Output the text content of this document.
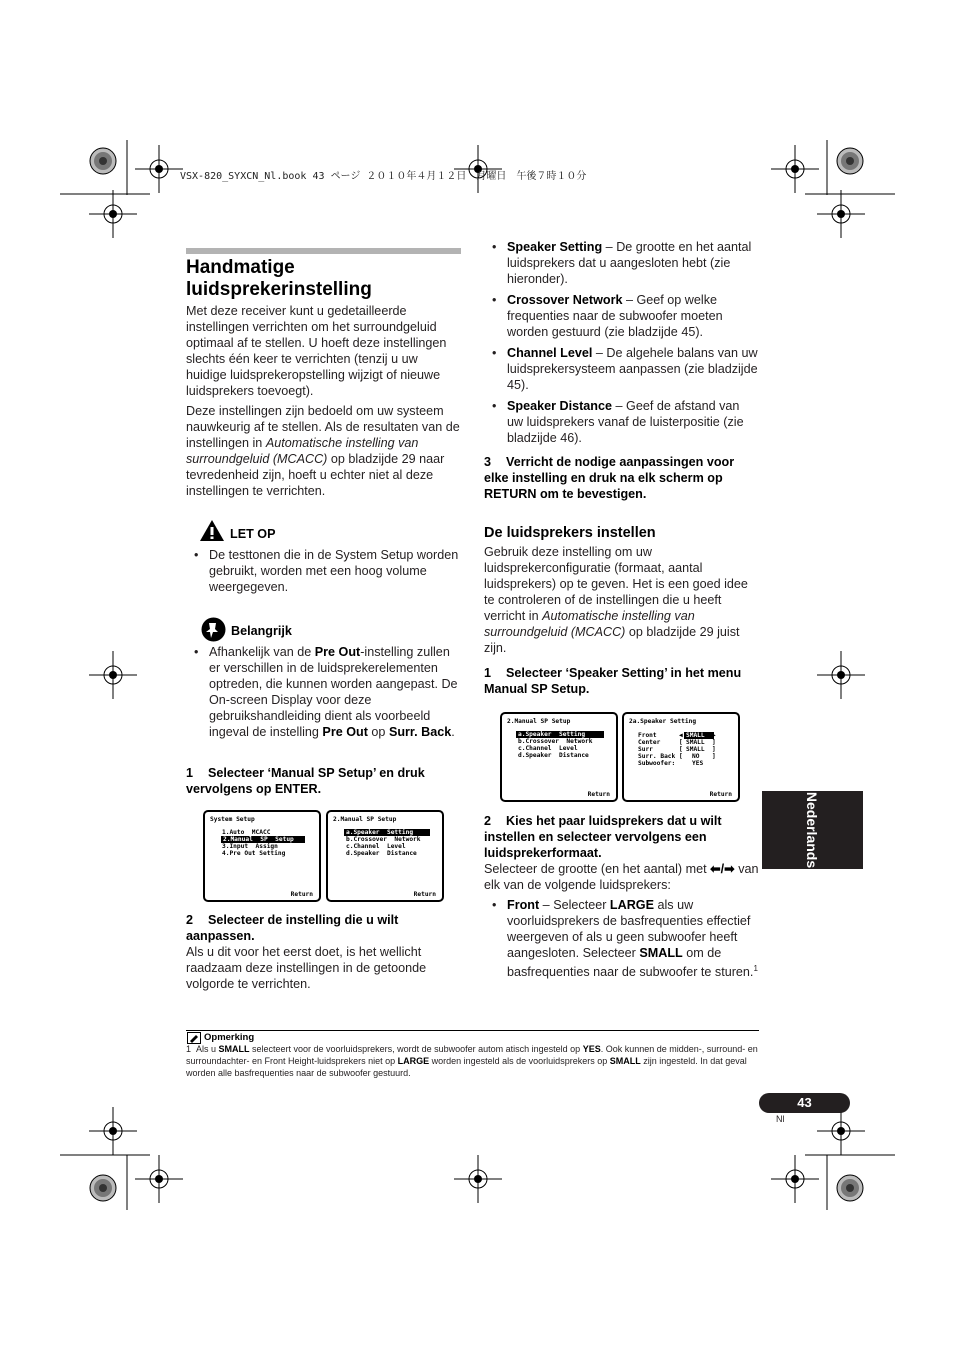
VSX-820_SYXCN_Nl.book 43 ページ ２０１０年４月１２日　月曜日　午後７時１０分
Handmatige
luidsprekerinstelling

Met deze receiver kunt u gedetailleerde instellingen verrichten om het surroundgeluid optimaal af te stellen. U hoeft deze instellingen slechts één keer te verrichten (tenzij u uw huidige luidsprekeropstelling wijzigt of nieuwe luidsprekers toevoegt).

Deze instellingen zijn bedoeld om uw systeem nauwkeurig af te stellen. Als de resultaten van de instellingen in Automatische instelling van surroundgeluid (MCACC) op bladzijde 29 naar tevredenheid zijn, hoeft u echter niet al deze instellingen te verrichten.

LET OP
• De testtonen die in de System Setup worden gebruikt, worden met een hoog volume weergegeven.
Belangrijk
• Afhankelijk van de Pre Out-instelling zullen er verschillen in de luidsprekerelementen optreden, die kunnen worden aangepast. De On-screen Display voor deze gebruikshandleiding dient als voorbeeld ingeval de instelling Pre Out op Surr. Back.
1 Selecteer ‘Manual SP Setup’ en druk vervolgens op ENTER.
System Setup
1.Auto  MCACC
2.Manual  SP  Setup
3.Input  Assign
4.Pre Out Setting
Return
2.Manual SP Setup
a.Speaker  Setting
b.Crossover  Network
c.Channel  Level
d.Speaker  Distance
Return
2 Selecteer de instelling die u wilt aanpassen.
Als u dit voor het eerst doet, is het wellicht raadzaam deze instellingen in de getoonde volgorde te verrichten.
• Speaker Setting – De grootte en het aantal luidsprekers dat u aangesloten hebt (zie hieronder).
• Crossover Network – Geef op welke frequenties naar de subwoofer moeten worden gestuurd (zie bladzijde 45).
• Channel Level – De algehele balans van uw luidsprekersysteem aanpassen (zie bladzijde 45).
• Speaker Distance – Geef de afstand van uw luidsprekers vanaf de luisterpositie (zie bladzijde 46).
3 Verricht de nodige aanpassingen voor elke instelling en druk na elk scherm op RETURN om te bevestigen.
De luidsprekers instellen
Gebruik deze instelling om uw luidsprekerconfiguratie (formaat, aantal luidsprekers) op te geven. Het is een goed idee te controleren of de instellingen die u heeft verricht in Automatische instelling van surroundgeluid (MCACC) op bladzijde 29 juist zijn.
1 Selecteer ‘Speaker Setting’ in het menu Manual SP Setup.
2.Manual SP Setup
a.Speaker  Setting
b.Crossover  Network
c.Channel  Level
d.Speaker  Distance
Return
2a.Speaker Setting
Front
Center
Surr
Surr. Back
Subwoofer:
◀ SMALL	▶
[ SMALL ]
[ SMALL ]
[ NO ]
YES
Return
2 Kies het paar luidsprekers dat u wilt instellen en selecteer vervolgens een luidsprekerformaat.
Selecteer de grootte (en het aantal) met ⬅/➡ van elk van de volgende luidsprekers:
• Front – Selecteer LARGE als uw voorluidsprekers de basfrequenties effectief weergeven of als u geen subwoofer heeft aangesloten. Selecteer SMALL om de basfrequenties naar de subwoofer te sturen.$^1$
Nederlands
Opmerking
1 Als u SMALL selecteert voor de voorluidsprekers, wordt de subwoofer autom atisch ingesteld op YES. Ook kunnen de midden-, surround- en surroundachter- en Front Height-luidsprekers niet op LARGE worden ingesteld als de voorluidsprekers op SMALL zijn ingesteld. In dat geval worden alle basfrequenties naar de subwoofer gestuurd.
43
Nl
